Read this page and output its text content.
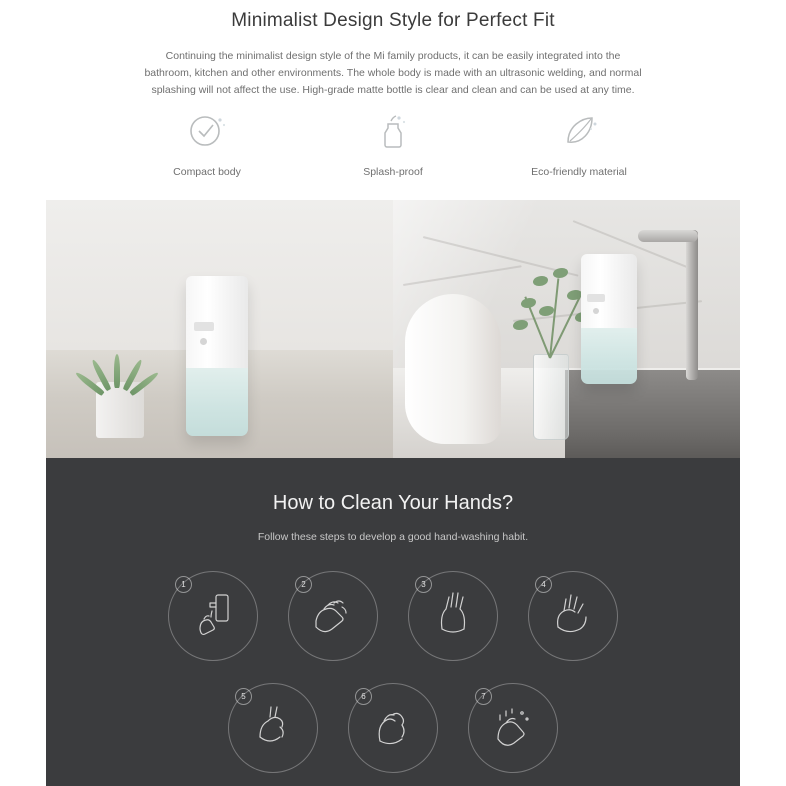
Minimalist Design Style for Perfect Fit

Continuing the minimalist design style of the Mi family products, it can be easily integrated into the bathroom, kitchen and other environments. The whole body is made with an ultrasonic welding, and normal splashing will not affect the use. High-grade matte bottle is clear and clean and can be used at any time.

Compact body	Splash-proof	Eco-friendly material
How to Clean Your Hands?

Follow these steps to develop a good hand-washing habit.

1	2	3	4
5	6	7
